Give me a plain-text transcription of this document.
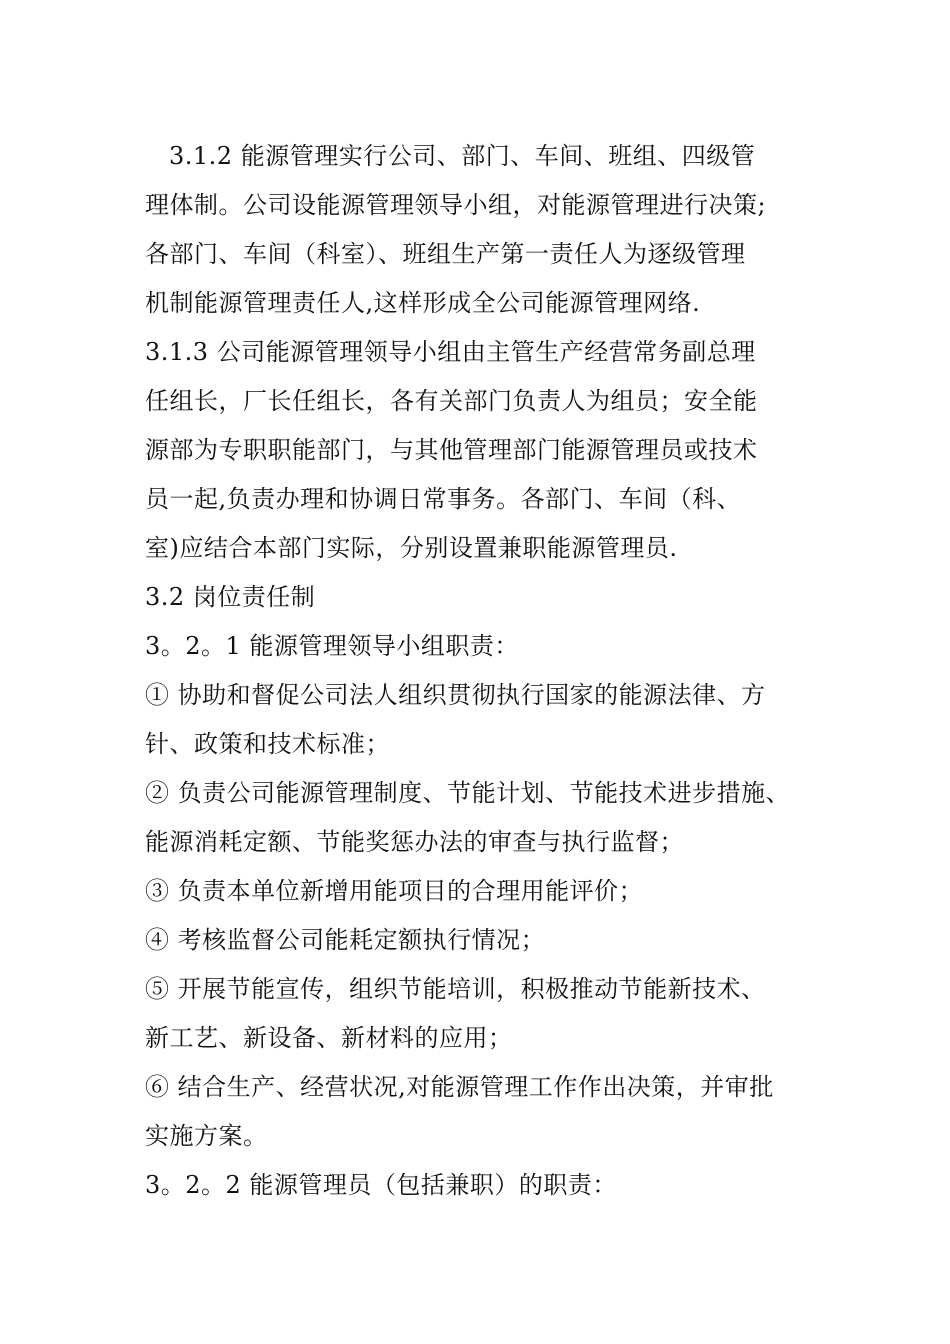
3.1.2 能源管理实行公司、部门、车间、班组、四级管
理体制。公司设能源管理领导小组，对能源管理进行决策;
各部门、车间（科室）、班组生产第一责任人为逐级管理
机制能源管理责任人,这样形成全公司能源管理网络.
3.1.3 公司能源管理领导小组由主管生产经营常务副总理
任组长，厂长任组长，各有关部门负责人为组员；安全能
源部为专职职能部门，与其他管理部门能源管理员或技术
员一起,负责办理和协调日常事务。各部门、车间（科、
室)应结合本部门实际，分别设置兼职能源管理员.
3.2 岗位责任制
3。2。1 能源管理领导小组职责：
① 协助和督促公司法人组织贯彻执行国家的能源法律、方
针、政策和技术标准；
② 负责公司能源管理制度、节能计划、节能技术进步措施、
能源消耗定额、节能奖惩办法的审查与执行监督；
③ 负责本单位新增用能项目的合理用能评价；
④ 考核监督公司能耗定额执行情况；
⑤ 开展节能宣传，组织节能培训，积极推动节能新技术、
新工艺、新设备、新材料的应用；
⑥ 结合生产、经营状况,对能源管理工作作出决策，并审批
实施方案。
3。2。2 能源管理员（包括兼职）的职责：
